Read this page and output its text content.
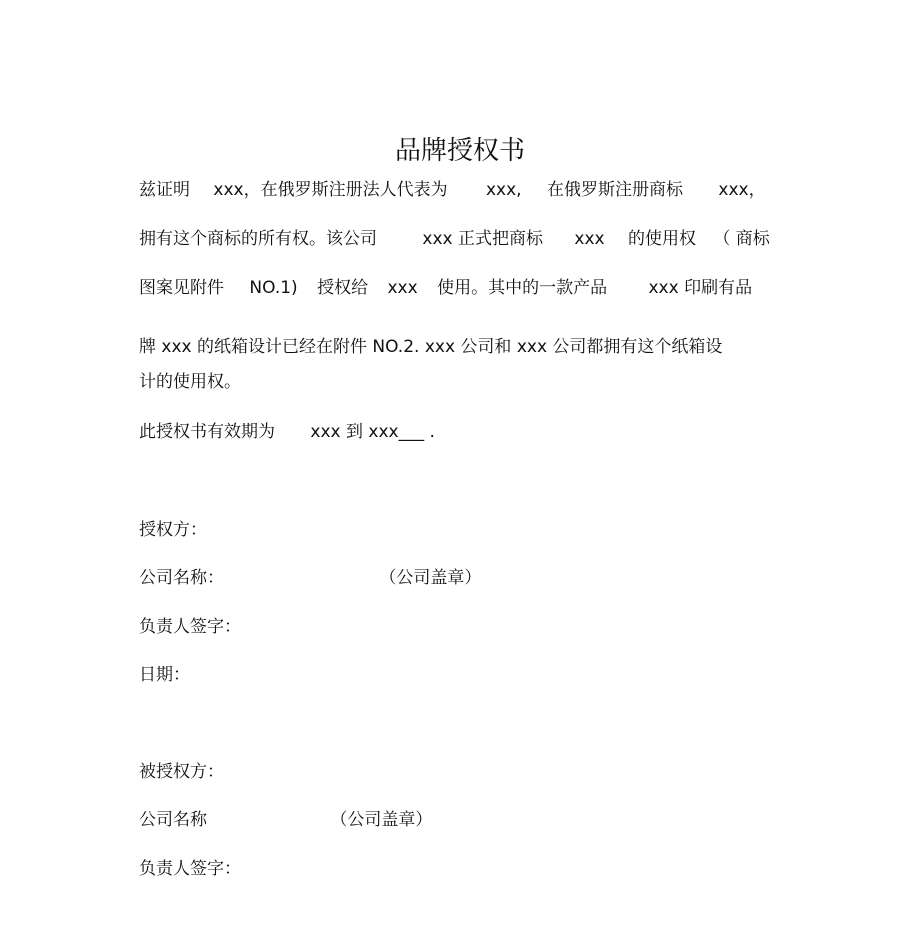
品牌授权书
兹证明 xxx，在俄罗斯注册法人代表为 xxx, 在俄罗斯注册商标 xxx，
拥有这个商标的所有权。该公司	xxx 正式把商标 xxx 的使用权 （ 商标
图案见附件 NO.1) 授权给 xxx 使用。其中的一款产品 xxx 印刷有品
牌 xxx 的纸箱设计已经在附件 NO.2. xxx 公司和 xxx 公司都拥有这个纸箱设
计的使用权。
此授权书有效期为 xxx 到 xxx___ .
授权方：
公司名称：	（公司盖章）
负责人签字：
日期：
被授权方：
公司名称	（公司盖章）
负责人签字：
